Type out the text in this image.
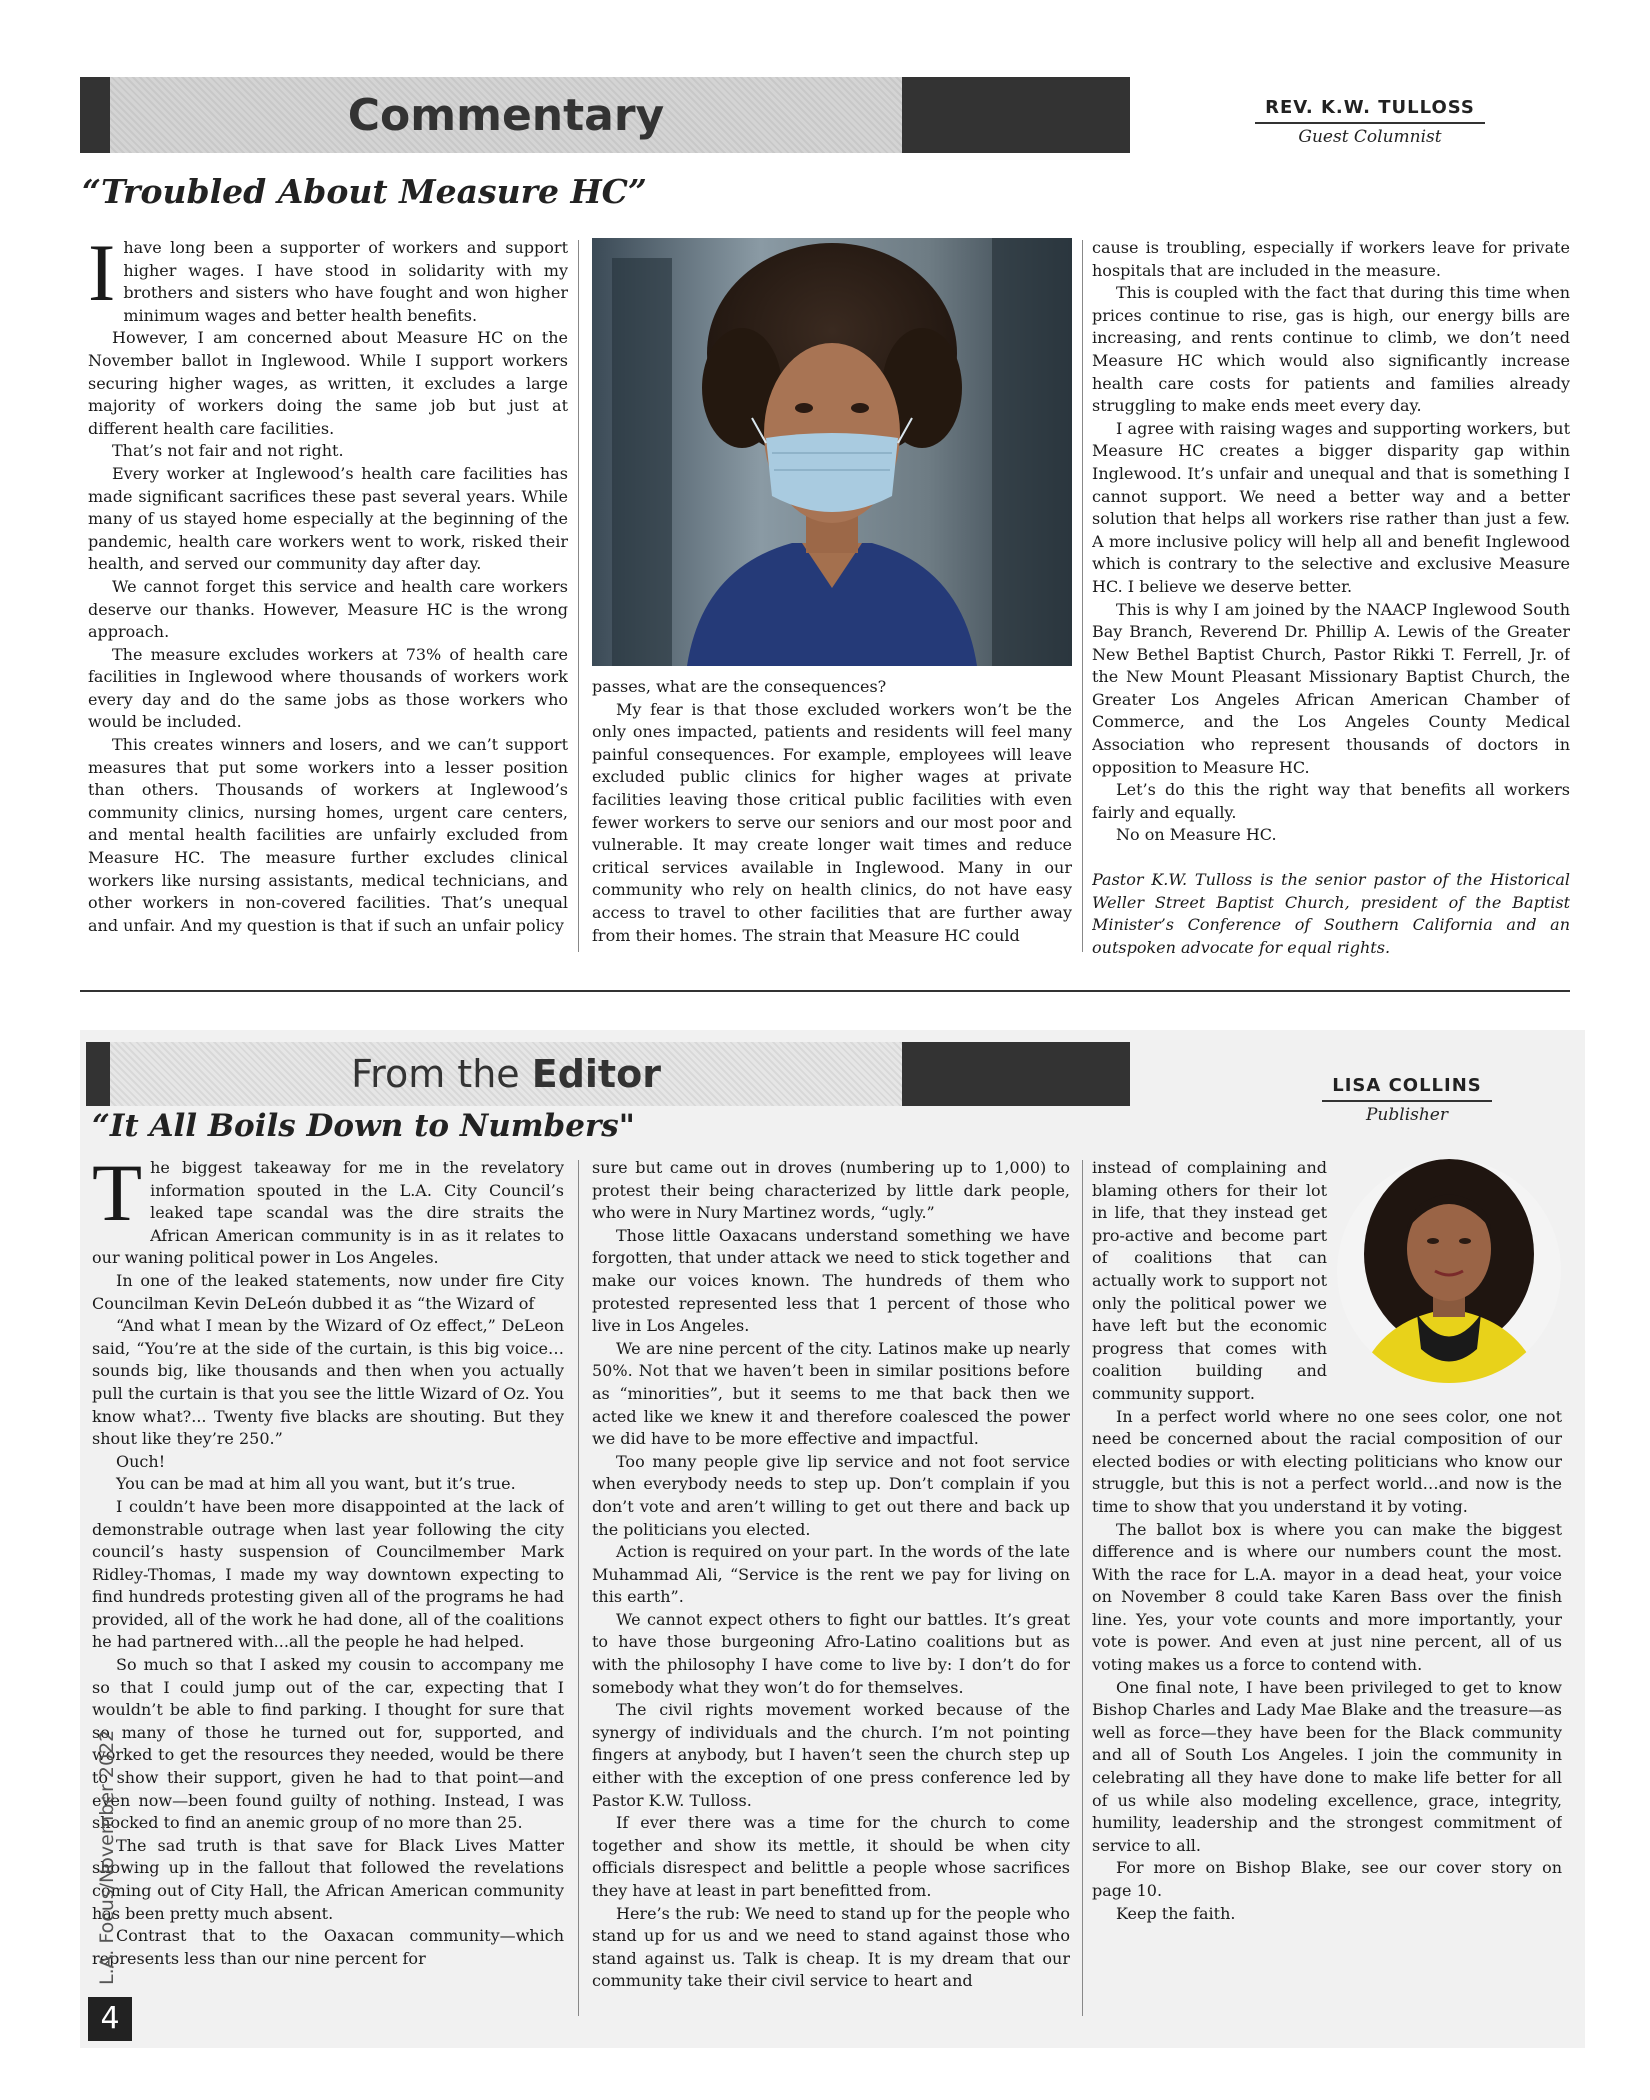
Commentary	REV. K.W. TULLOSS
Guest Columnist
“Troubled About Measure HC”
I have long been a supporter of workers and support higher wages. I have stood in solidarity with my brothers and sisters who have fought and won higher minimum wages and better health benefits.

However, I am concerned about Measure HC on the November ballot in Inglewood. While I support workers securing higher wages, as written, it excludes a large majority of workers doing the same job but just at different health care facilities.

That’s not fair and not right.

Every worker at Inglewood’s health care facilities has made significant sacrifices these past several years. While many of us stayed home especially at the beginning of the pandemic, health care workers went to work, risked their health, and served our community day after day.

We cannot forget this service and health care workers deserve our thanks. However, Measure HC is the wrong approach.

The measure excludes workers at 73% of health care facilities in Inglewood where thousands of workers work every day and do the same jobs as those workers who would be included.

This creates winners and losers, and we can’t support measures that put some workers into a lesser position than others. Thousands of workers at Inglewood’s community clinics, nursing homes, urgent care centers, and mental health facilities are unfairly excluded from Measure HC. The measure further excludes clinical workers like nursing assistants, medical technicians, and other workers in non-covered facilities. That’s unequal and unfair. And my question is that if such an unfair policy

passes, what are the consequences?

My fear is that those excluded workers won’t be the only ones impacted, patients and residents will feel many painful consequences. For example, employees will leave excluded public clinics for higher wages at private facilities leaving those critical public facilities with even fewer workers to serve our seniors and our most poor and vulnerable. It may create longer wait times and reduce critical services available in Inglewood. Many in our community who rely on health clinics, do not have easy access to travel to other facilities that are further away from their homes. The strain that Measure HC could

cause is troubling, especially if workers leave for private hospitals that are included in the measure.

This is coupled with the fact that during this time when prices continue to rise, gas is high, our energy bills are increasing, and rents continue to climb, we don’t need Measure HC which would also significantly increase health care costs for patients and families already struggling to make ends meet every day.

I agree with raising wages and supporting workers, but Measure HC creates a bigger disparity gap within Inglewood. It’s unfair and unequal and that is something I cannot support. We need a better way and a better solution that helps all workers rise rather than just a few. A more inclusive policy will help all and benefit Inglewood which is contrary to the selective and exclusive Measure HC. I believe we deserve better.

This is why I am joined by the NAACP Inglewood South Bay Branch, Reverend Dr. Phillip A. Lewis of the Greater New Bethel Baptist Church, Pastor Rikki T. Ferrell, Jr. of the New Mount Pleasant Missionary Baptist Church, the Greater Los Angeles African American Chamber of Commerce, and the Los Angeles County Medical Association who represent thousands of doctors in opposition to Measure HC.

Let’s do this the right way that benefits all workers fairly and equally.

No on Measure HC.

Pastor K.W. Tulloss is the senior pastor of the Historical Weller Street Baptist Church, president of the Baptist Minister’s Conference of Southern California and an outspoken advocate for equal rights.

From the Editor	LISA COLLINS
Publisher
“It All Boils Down to Numbers"
T he biggest takeaway for me in the revelatory information spouted in the L.A. City Council’s leaked tape scandal was the dire straits the African American community is in as it relates to our waning political power in Los Angeles.

In one of the leaked statements, now under fire City Councilman Kevin DeLeón dubbed it as “the Wizard of

“And what I mean by the Wizard of Oz effect,” DeLeon said, “You’re at the side of the curtain, is this big voice…sounds big, like thousands and then when you actually pull the curtain is that you see the little Wizard of Oz. You know what?... Twenty five blacks are shouting. But they shout like they’re 250.”

Ouch!

You can be mad at him all you want, but it’s true.

I couldn’t have been more disappointed at the lack of demonstrable outrage when last year following the city council’s hasty suspension of Councilmember Mark Ridley-Thomas, I made my way downtown expecting to find hundreds protesting given all of the programs he had provided, all of the work he had done, all of the coalitions he had partnered with...all the people he had helped.

So much so that I asked my cousin to accompany me so that I could jump out of the car, expecting that I wouldn’t be able to find parking. I thought for sure that so many of those he turned out for, supported, and worked to get the resources they needed, would be there to show their support, given he had to that point—and even now—been found guilty of nothing. Instead, I was shocked to find an anemic group of no more than 25.

The sad truth is that save for Black Lives Matter showing up in the fallout that followed the revelations coming out of City Hall, the African American community has been pretty much absent.

Contrast that to the Oaxacan community—which represents less than our nine percent for

sure but came out in droves (numbering up to 1,000) to protest their being characterized by little dark people, who were in Nury Martinez words, “ugly.”

Those little Oaxacans understand something we have forgotten, that under attack we need to stick together and make our voices known. The hundreds of them who protested represented less that 1 percent of those who live in Los Angeles.

We are nine percent of the city. Latinos make up nearly 50%. Not that we haven’t been in similar positions before as “minorities”, but it seems to me that back then we acted like we knew it and therefore coalesced the power we did have to be more effective and impactful.

Too many people give lip service and not foot service when everybody needs to step up. Don’t complain if you don’t vote and aren’t willing to get out there and back up the politicians you elected.

Action is required on your part. In the words of the late Muhammad Ali, “Service is the rent we pay for living on this earth”.

We cannot expect others to fight our battles. It’s great to have those burgeoning Afro-Latino coalitions but as with the philosophy I have come to live by: I don’t do for somebody what they won’t do for themselves.

The civil rights movement worked because of the synergy of individuals and the church. I’m not pointing fingers at anybody, but I haven’t seen the church step up either with the exception of one press conference led by Pastor K.W. Tulloss.

If ever there was a time for the church to come together and show its mettle, it should be when city officials disrespect and belittle a people whose sacrifices they have at least in part benefitted from.

Here’s the rub: We need to stand up for the people who stand up for us and we need to stand against those who stand against us. Talk is cheap. It is my dream that our community take their civil service to heart and

instead of complaining and blaming others for their lot in life, that they instead get pro-active and become part of coalitions that can actually work to support not only the political power we have left but the economic progress that comes with coalition building and community support.

In a perfect world where no one sees color, one not need be concerned about the racial composition of our elected bodies or with electing politicians who know our struggle, but this is not a perfect world…and now is the time to show that you understand it by voting.

The ballot box is where you can make the biggest difference and is where our numbers count the most. With the race for L.A. mayor in a dead heat, your voice on November 8 could take Karen Bass over the finish line. Yes, your vote counts and more importantly, your vote is power. And even at just nine percent, all of us voting makes us a force to contend with.

One final note, I have been privileged to get to know Bishop Charles and Lady Mae Blake and the treasure—as well as force—they have been for the Black community and all of South Los Angeles. I join the community in celebrating all they have done to make life better for all of us while also modeling excellence, grace, integrity, humility, leadership and the strongest commitment of service to all.

For more on Bishop Blake, see our cover story on page 10.

Keep the faith.

L.A. Focus/November 2022
4
